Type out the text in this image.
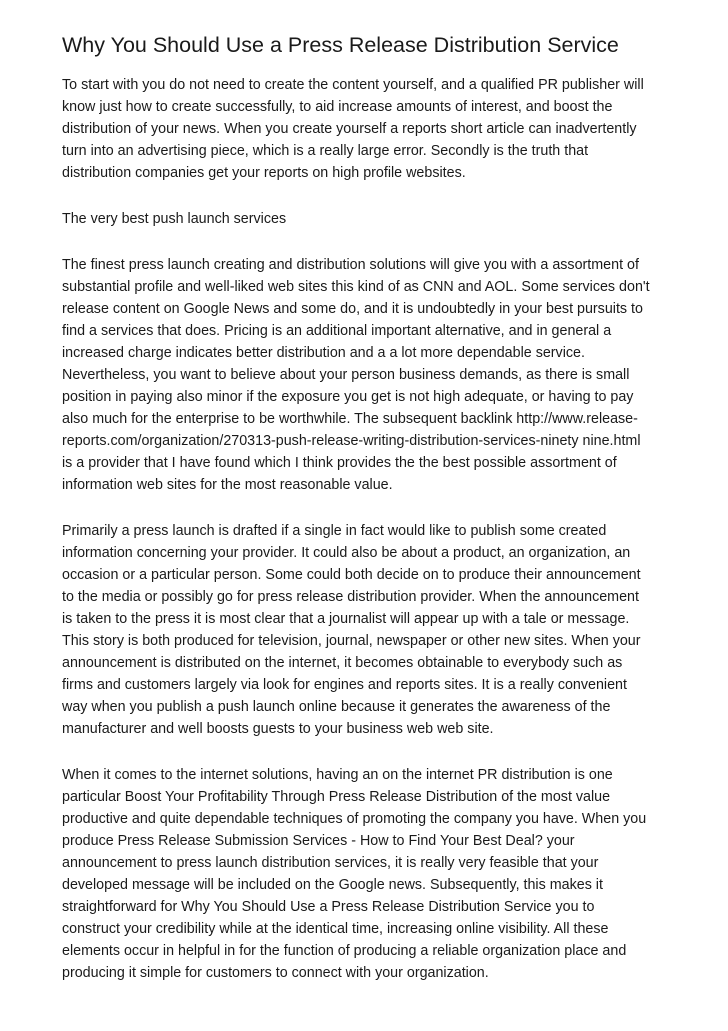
Why You Should Use a Press Release Distribution Service

To start with you do not need to create the content yourself, and a qualified PR publisher will
know just how to create successfully, to aid increase amounts of interest, and boost the
distribution of your news. When you create yourself a reports short article can inadvertently
turn into an advertising piece, which is a really large error. Secondly is the truth that
distribution companies get your reports on high profile websites.

The very best push launch services

The finest press launch creating and distribution solutions will give you with a assortment of
substantial profile and well-liked web sites this kind of as CNN and AOL. Some services don't
release content on Google News and some do, and it is undoubtedly in your best pursuits to
find a services that does. Pricing is an additional important alternative, and in general a
increased charge indicates better distribution and a a lot more dependable service.
Nevertheless, you want to believe about your person business demands, as there is small
position in paying also minor if the exposure you get is not high adequate, or having to pay
also much for the enterprise to be worthwhile. The subsequent backlink http://www.release-
reports.com/organization/270313-push-release-writing-distribution-services-ninety nine.html
is a provider that I have found which I think provides the the best possible assortment of
information web sites for the most reasonable value.

Primarily a press launch is drafted if a single in fact would like to publish some created
information concerning your provider. It could also be about a product, an organization, an
occasion or a particular person. Some could both decide on to produce their announcement
to the media or possibly go for press release distribution provider. When the announcement
is taken to the press it is most clear that a journalist will appear up with a tale or message.
This story is both produced for television, journal, newspaper or other new sites. When your
announcement is distributed on the internet, it becomes obtainable to everybody such as
firms and customers largely via look for engines and reports sites. It is a really convenient
way when you publish a push launch online because it generates the awareness of the
manufacturer and well boosts guests to your business web web site.

When it comes to the internet solutions, having an on the internet PR distribution is one
particular Boost Your Profitability Through Press Release Distribution of the most value
productive and quite dependable techniques of promoting the company you have. When you
produce Press Release Submission Services - How to Find Your Best Deal? your
announcement to press launch distribution services, it is really very feasible that your
developed message will be included on the Google news. Subsequently, this makes it
straightforward for Why You Should Use a Press Release Distribution Service you to
construct your credibility while at the identical time, increasing online visibility. All these
elements occur in helpful in for the function of producing a reliable organization place and
producing it simple for customers to connect with your organization.
